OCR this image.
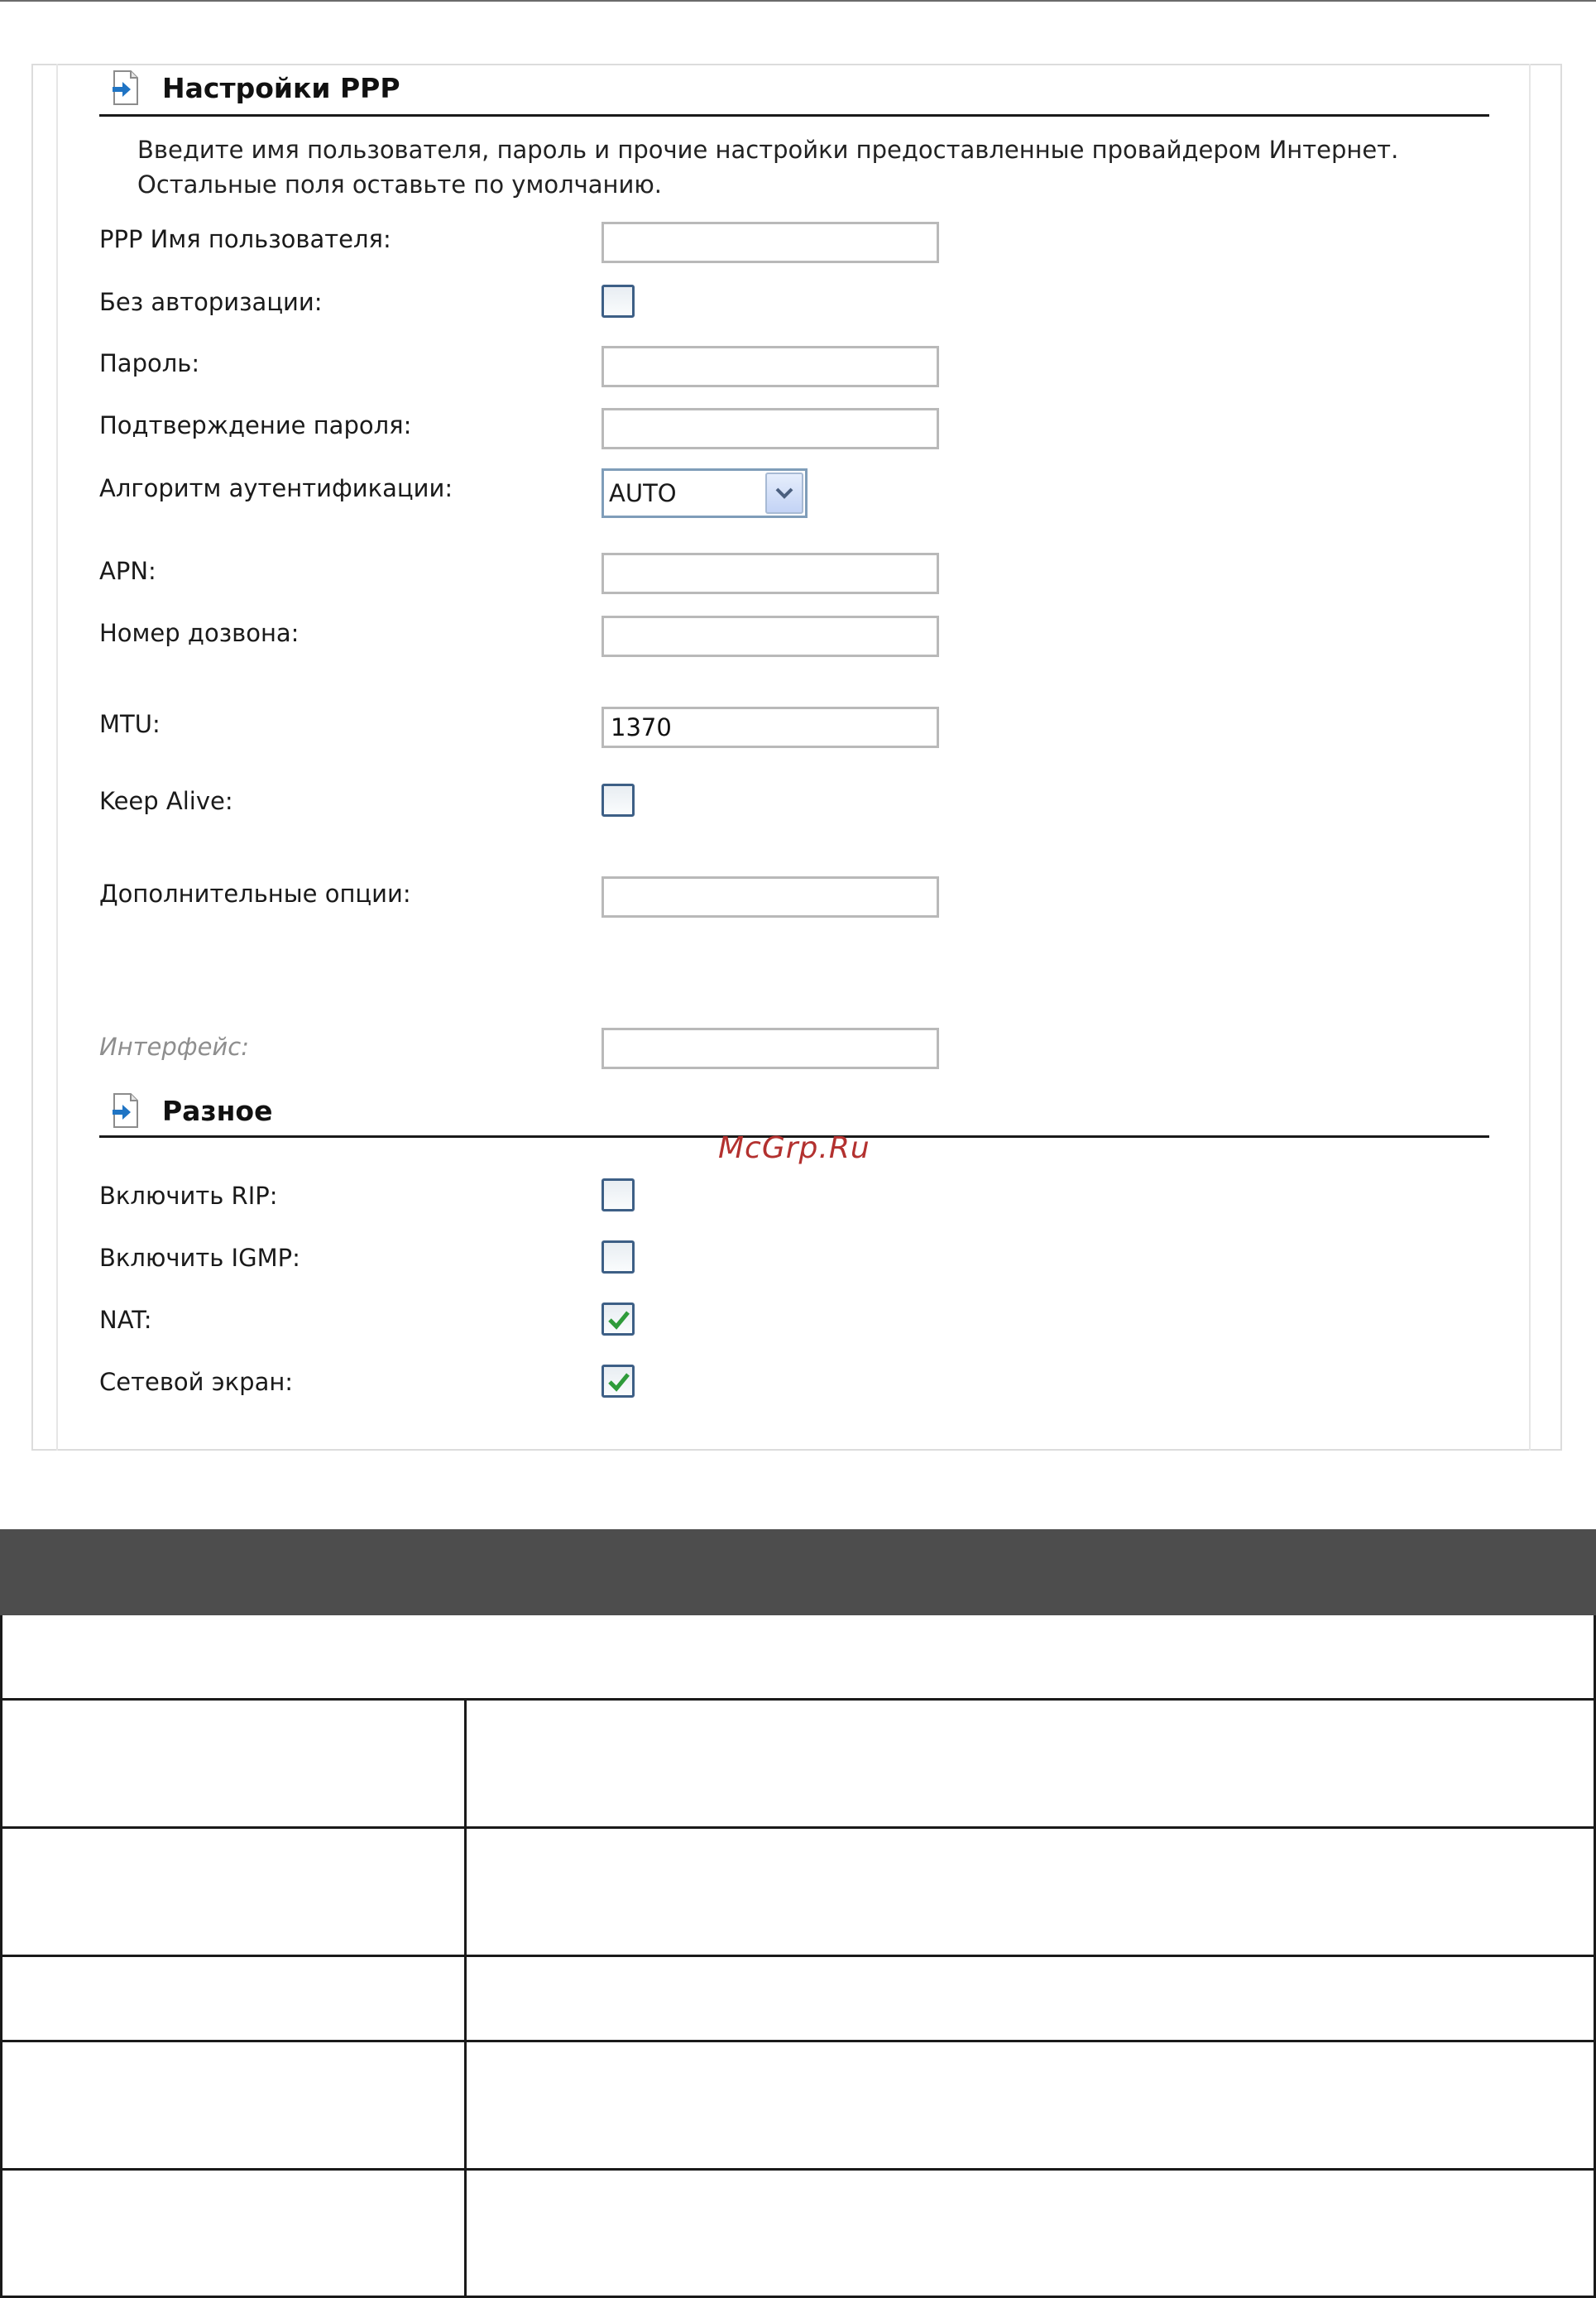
Настройки PPP
Введите имя пользователя, пароль и прочие настройки предоставленные провайдером Интернет.
Остальные поля оставьте по умолчанию.
PPP Имя пользователя:
Без авторизации:
Пароль:
Подтверждение пароля:
Алгоритм аутентификации:	AUTO
APN:
Номер дозвона:
MTU:	1370
Keep Alive:
Дополнительные опции:
Интерфейс:
Разное
McGrp.Ru
Включить RIP:
Включить IGMP:
NAT:
Сетевой экран:
